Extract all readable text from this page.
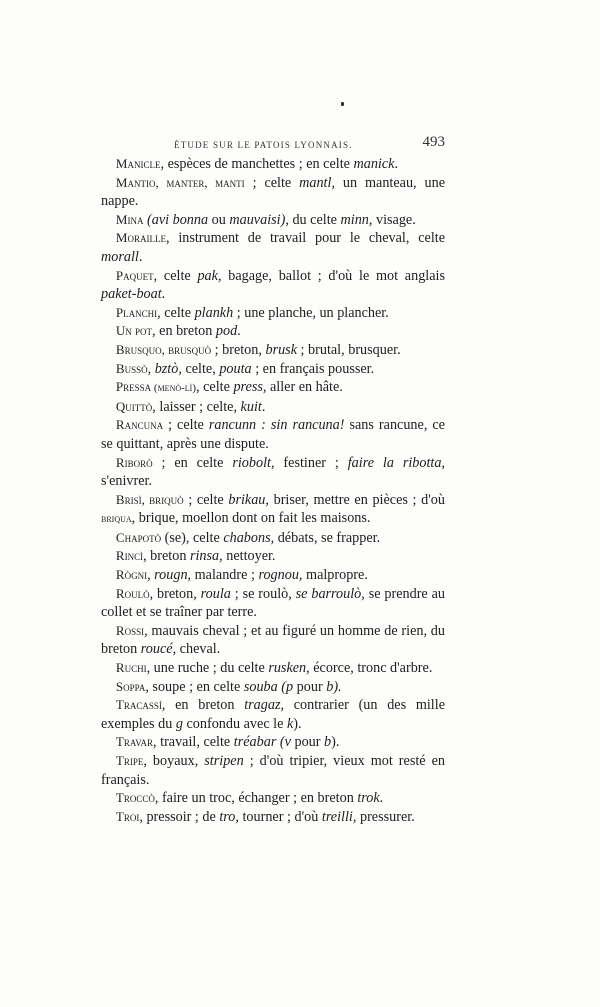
ÉTUDE SUR LE PATOIS LYONNAIS.	493

Manicle, espèces de manchettes ; en celte manick.

Mantio, manter, manti ; celte mantl, un manteau, une nappe.

Mina (avi bonna ou mauvaisi), du celte minn, visage.

Moraille, instrument de travail pour le cheval, celte morall.

Paquet, celte pak, bagage, ballot ; d'où le mot anglais paket-boat.

Planchi, celte plankh ; une planche, un plancher.

Un pot, en breton pod.

Brusquo, brusquò ; breton, brusk ; brutal, brusquer.

Bussò, bztò, celte, pouta ; en français pousser.

Pressa (menò-lì), celte press, aller en hâte.

Quittò, laisser ; celte, kuit.

Rancuna ; celte rancunn : sin rancuna! sans rancune, ce se quittant, après une dispute.

Riborò ; en celte riobolt, festiner ; faire la ribotta, s'enivrer.

Brisì, briquò ; celte brikau, briser, mettre en pièces ; d'où briqua, brique, moellon dont on fait les maisons.

Chapotò (se), celte chabons, débats, se frapper.

Rincì, breton rinsa, nettoyer.

Rògni, rougn, malandre ; rognou, malpropre.

Roulò, breton, roula ; se roulò, se barroulò, se prendre au collet et se traîner par terre.

Rossi, mauvais cheval ; et au figuré un homme de rien, du breton roucé, cheval.

Ruchi, une ruche ; du celte rusken, écorce, tronc d'arbre.

Soppa, soupe ; en celte souba (p pour b).

Tracassí, en breton tragaz, contrarier (un des mille exemples du g confondu avec le k).

Travar, travail, celte tréabar (v pour b).

Tripe, boyaux, stripen ; d'où tripier, vieux mot resté en français.

Troccò, faire un troc, échanger ; en breton trok.

Troi, pressoir ; de tro, tourner ; d'où treilli, pressurer.
